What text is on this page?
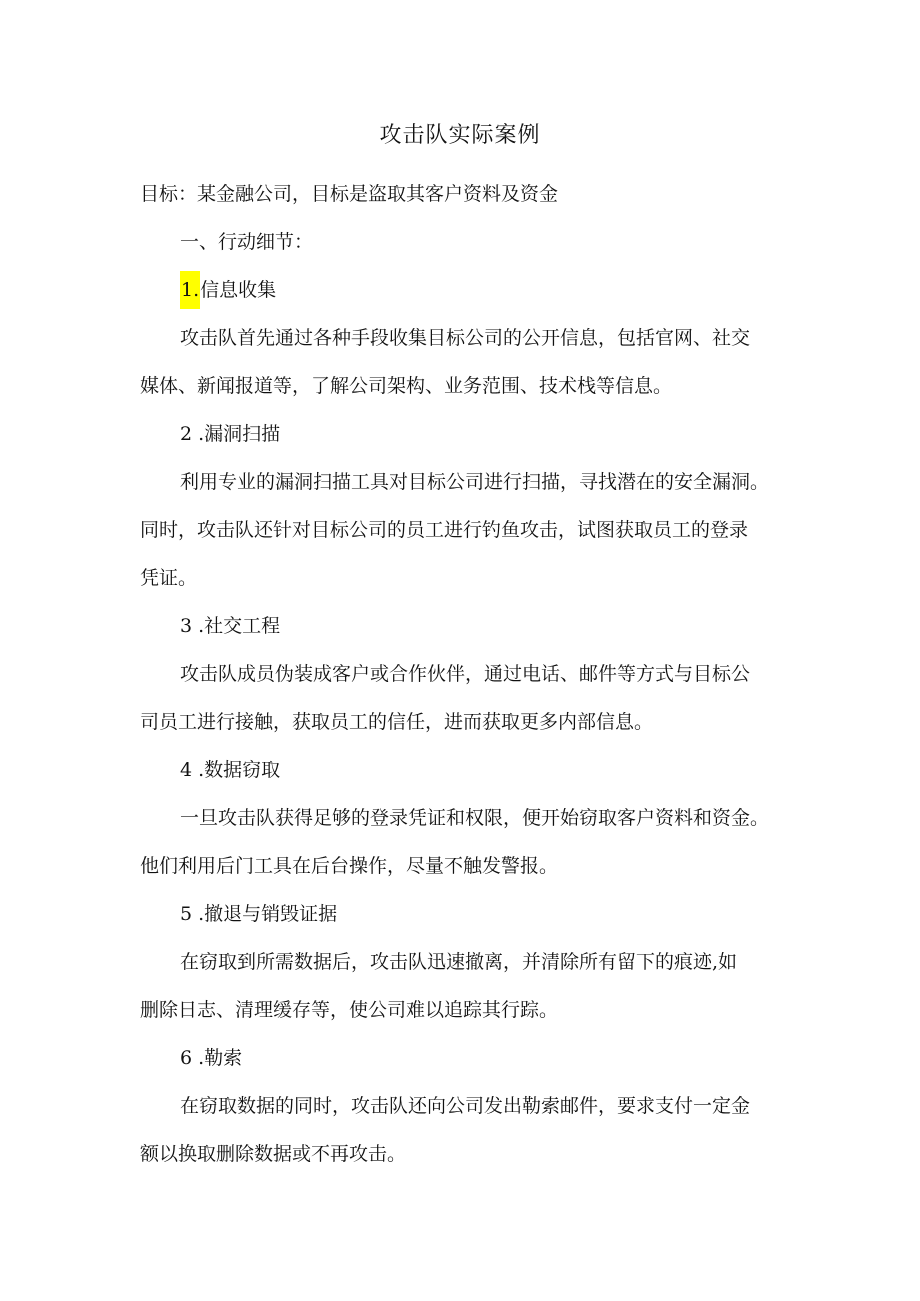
攻击队实际案例
目标：某金融公司，目标是盗取其客户资料及资金
一、行动细节：
1.信息收集
攻击队首先通过各种手段收集目标公司的公开信息，包括官网、社交
媒体、新闻报道等，了解公司架构、业务范围、技术栈等信息。
2 .漏洞扫描
利用专业的漏洞扫描工具对目标公司进行扫描，寻找潜在的安全漏洞。
同时，攻击队还针对目标公司的员工进行钓鱼攻击，试图获取员工的登录
凭证。
3 .社交工程
攻击队成员伪装成客户或合作伙伴，通过电话、邮件等方式与目标公
司员工进行接触，获取员工的信任，进而获取更多内部信息。
4 .数据窃取
一旦攻击队获得足够的登录凭证和权限，便开始窃取客户资料和资金。
他们利用后门工具在后台操作，尽量不触发警报。
5 .撤退与销毁证据
在窃取到所需数据后，攻击队迅速撤离，并清除所有留下的痕迹,如
删除日志、清理缓存等，使公司难以追踪其行踪。
6 .勒索
在窃取数据的同时，攻击队还向公司发出勒索邮件，要求支付一定金
额以换取删除数据或不再攻击。
